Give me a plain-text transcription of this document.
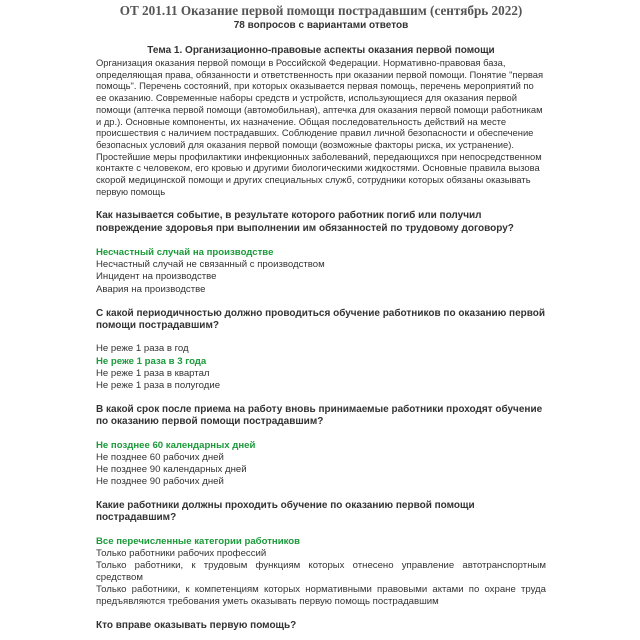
ОТ 201.11 Оказание первой помощи пострадавшим (сентябрь 2022)
78 вопросов с вариантами ответов
Тема 1. Организационно-правовые аспекты оказания первой помощи
Организация оказания первой помощи в Российской Федерации. Нормативно-правовая база, определяющая права, обязанности и ответственность при оказании первой помощи. Понятие "первая помощь". Перечень состояний, при которых оказывается первая помощь, перечень мероприятий по ее оказанию. Современные наборы средств и устройств, использующиеся для оказания первой помощи (аптечка первой помощи (автомобильная), аптечка для оказания первой помощи работникам и др.). Основные компоненты, их назначение. Общая последовательность действий на месте происшествия с наличием пострадавших. Соблюдение правил личной безопасности и обеспечение безопасных условий для оказания первой помощи (возможные факторы риска, их устранение). Простейшие меры профилактики инфекционных заболеваний, передающихся при непосредственном контакте с человеком, его кровью и другими биологическими жидкостями. Основные правила вызова скорой медицинской помощи и других специальных служб, сотрудники которых обязаны оказывать первую помощь
Как называется событие, в результате которого работник погиб или получил повреждение здоровья при выполнении им обязанностей по трудовому договору?
Несчастный случай на производстве
Несчастный случай не связанный с производством
Инцидент на производстве
Авария на производстве
С какой периодичностью должно проводиться обучение работников по оказанию первой помощи пострадавшим?
Не реже 1 раза в год
Не реже 1 раза в 3 года
Не реже 1 раза в квартал
Не реже 1 раза в полугодие
В какой срок после приема на работу вновь принимаемые работники проходят обучение по оказанию первой помощи пострадавшим?
Не позднее 60 календарных дней
Не позднее 60 рабочих дней
Не позднее 90 календарных дней
Не позднее 90 рабочих дней
Какие работники должны проходить обучение по оказанию первой помощи пострадавшим?
Все перечисленные категории работников
Только работники рабочих профессий
Только работники, к трудовым функциям которых отнесено управление автотранспортным средством
Только работники, к компетенциям которых нормативными правовыми актами по охране труда предъявляются требования уметь оказывать первую помощь пострадавшим
Кто вправе оказывать первую помощь?
